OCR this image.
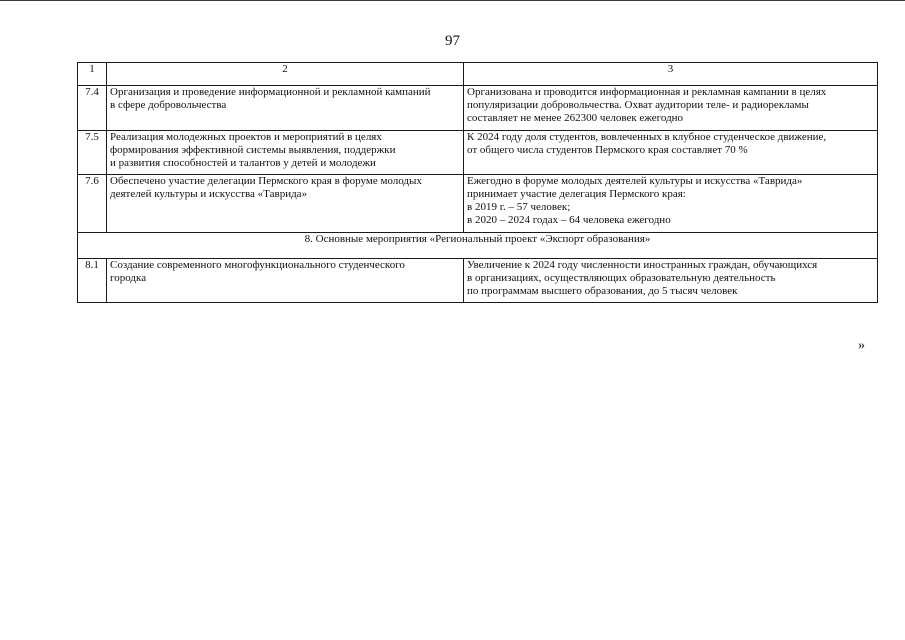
97
1	2	3
7.4	Организация и проведение информационной и рекламной кампаний
в сфере добровольчества	Организована и проводится информационная и рекламная кампании в целях
популяризации добровольчества. Охват аудитории теле- и радиорекламы
составляет не менее 262300 человек ежегодно

7.5	Реализация молодежных проектов и мероприятий в целях
формирования эффективной системы выявления, поддержки
и развития способностей и талантов у детей и молодежи	К 2024 году доля студентов, вовлеченных в клубное студенческое движение,
от общего числа студентов Пермского края составляет 70 %

7.6	Обеспечено участие делегации Пермского края в форуме молодых
деятелей культуры и искусства «Таврида»	Ежегодно в форуме молодых деятелей культуры и искусства «Таврида»
принимает участие делегация Пермского края:
в 2019 г. – 57 человек;
в 2020 – 2024 годах – 64 человека ежегодно

8. Основные мероприятия «Региональный проект «Экспорт образования»		
8.1	Создание современного многофункционального студенческого
городка	Увеличение к 2024 году численности иностранных граждан, обучающихся
в организациях, осуществляющих образовательную деятельность
по программам высшего образования, до 5 тысяч человек
»
